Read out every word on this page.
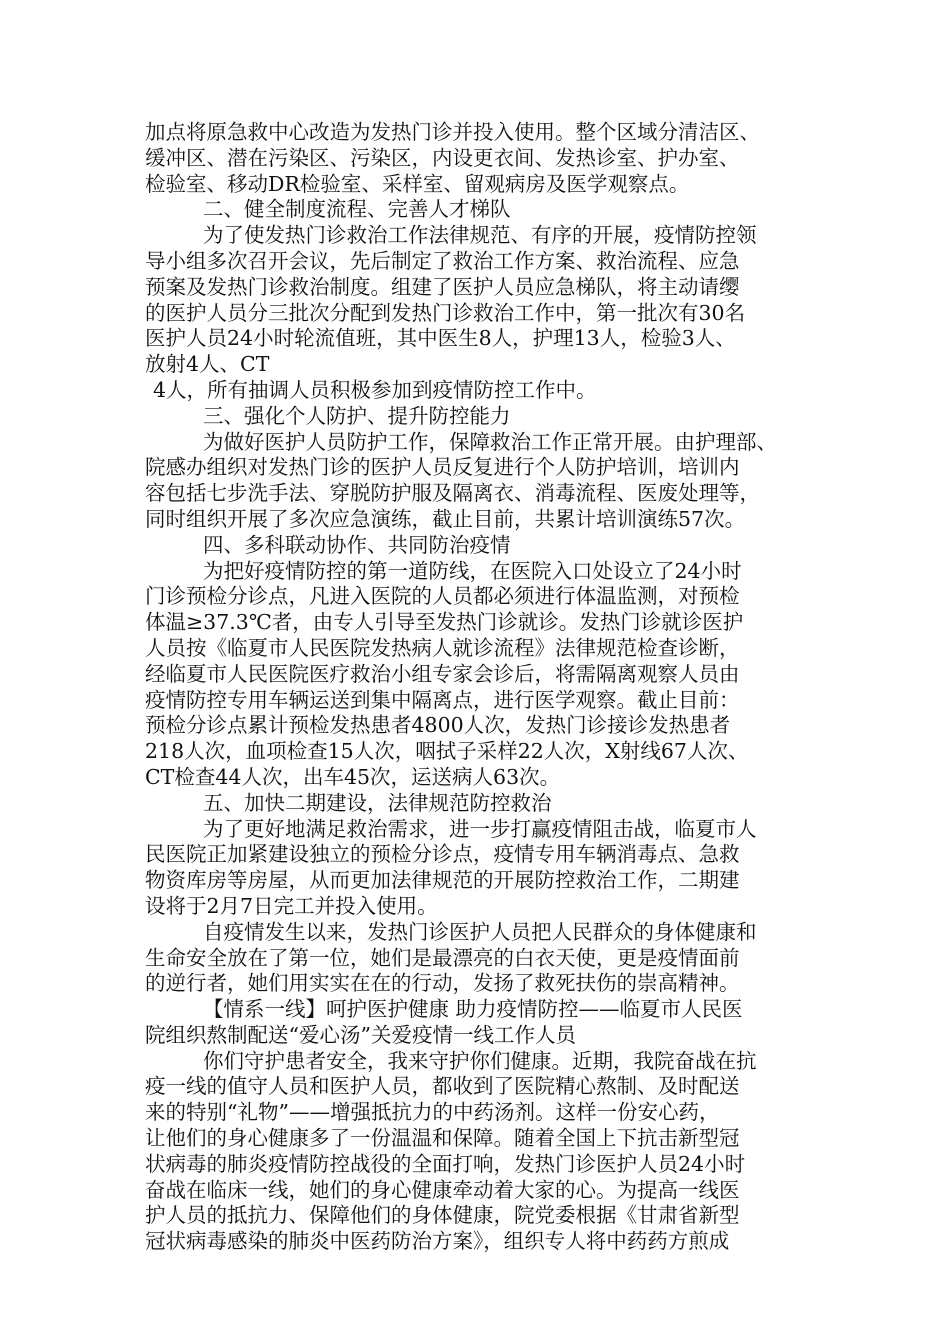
加点将原急救中心改造为发热门诊并投入使用。整个区域分清洁区、
缓冲区、潜在污染区、污染区，内设更衣间、发热诊室、护办室、
检验室、移动DR检验室、采样室、留观病房及医学观察点。
二、健全制度流程、完善人才梯队
为了使发热门诊救治工作法律规范、有序的开展，疫情防控领
导小组多次召开会议，先后制定了救治工作方案、救治流程、应急
预案及发热门诊救治制度。组建了医护人员应急梯队，将主动请缨
的医护人员分三批次分配到发热门诊救治工作中，第一批次有30名
医护人员24小时轮流值班，其中医生8人，护理13人，检验3人、
放射4人、CT
4人，所有抽调人员积极参加到疫情防控工作中。
三、强化个人防护、提升防控能力
为做好医护人员防护工作，保障救治工作正常开展。由护理部、
院感办组织对发热门诊的医护人员反复进行个人防护培训，培训内
容包括七步洗手法、穿脱防护服及隔离衣、消毒流程、医废处理等，
同时组织开展了多次应急演练，截止目前，共累计培训演练57次。
四、多科联动协作、共同防治疫情
为把好疫情防控的第一道防线，在医院入口处设立了24小时
门诊预检分诊点，凡进入医院的人员都必须进行体温监测，对预检
体温≥37.3℃者，由专人引导至发热门诊就诊。发热门诊就诊医护
人员按《临夏市人民医院发热病人就诊流程》法律规范检查诊断，
经临夏市人民医院医疗救治小组专家会诊后，将需隔离观察人员由
疫情防控专用车辆运送到集中隔离点，进行医学观察。截止目前：
预检分诊点累计预检发热患者4800人次，发热门诊接诊发热患者
218人次，血项检查15人次，咽拭子采样22人次，X射线67人次、
CT检查44人次，出车45次，运送病人63次。
五、加快二期建设，法律规范防控救治
为了更好地满足救治需求，进一步打赢疫情阻击战，临夏市人
民医院正加紧建设独立的预检分诊点，疫情专用车辆消毒点、急救
物资库房等房屋，从而更加法律规范的开展防控救治工作，二期建
设将于2月7日完工并投入使用。
自疫情发生以来，发热门诊医护人员把人民群众的身体健康和
生命安全放在了第一位，她们是最漂亮的白衣天使，更是疫情面前
的逆行者，她们用实实在在的行动，发扬了救死扶伤的崇高精神。
【情系一线】呵护医护健康 助力疫情防控——临夏市人民医
院组织熬制配送“爱心汤”关爱疫情一线工作人员
你们守护患者安全，我来守护你们健康。近期，我院奋战在抗
疫一线的值守人员和医护人员，都收到了医院精心熬制、及时配送
来的特别“礼物”——增强抵抗力的中药汤剂。这样一份安心药，
让他们的身心健康多了一份温温和保障。随着全国上下抗击新型冠
状病毒的肺炎疫情防控战役的全面打响，发热门诊医护人员24小时
奋战在临床一线，她们的身心健康牵动着大家的心。为提高一线医
护人员的抵抗力、保障他们的身体健康，院党委根据《甘肃省新型
冠状病毒感染的肺炎中医药防治方案》，组织专人将中药药方煎成
